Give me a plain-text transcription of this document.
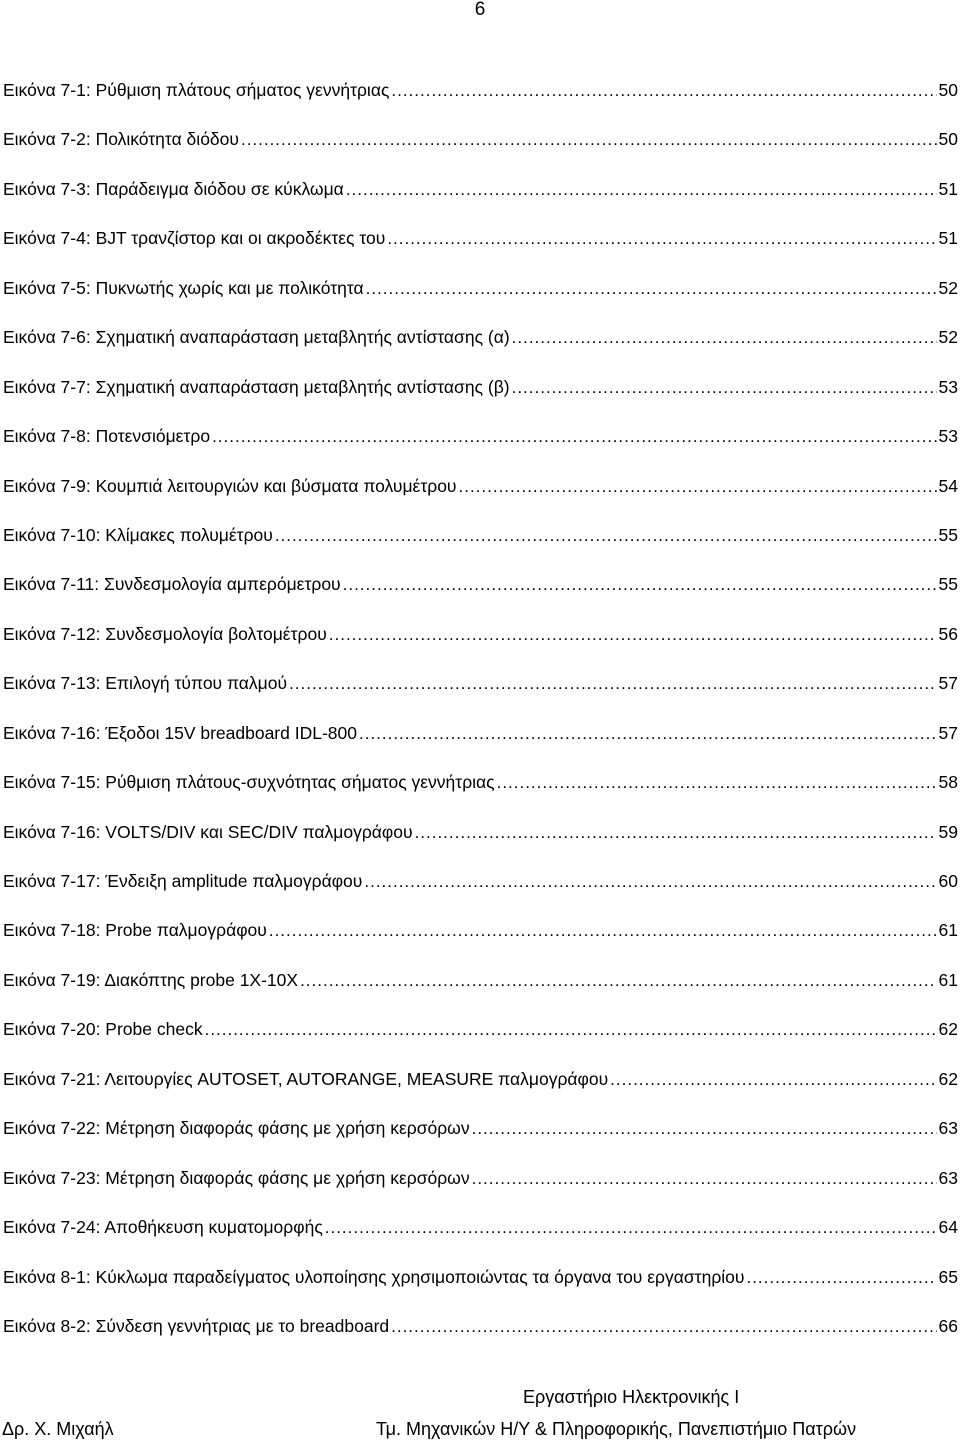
6
Εικόνα 7-1: Ρύθμιση πλάτους σήματος γεννήτριας .....	50
Εικόνα 7-2: Πολικότητα διόδου .....	50
Εικόνα 7-3: Παράδειγμα διόδου σε κύκλωμα .....	51
Εικόνα 7-4: BJT τρανζίστορ και οι ακροδέκτες του .....	51
Εικόνα 7-5: Πυκνωτής χωρίς και με πολικότητα .....	52
Εικόνα 7-6: Σχηματική αναπαράσταση μεταβλητής αντίστασης (α) .....	52
Εικόνα 7-7: Σχηματική αναπαράσταση μεταβλητής αντίστασης (β) .....	53
Εικόνα 7-8: Ποτενσιόμετρο .....	53
Εικόνα 7-9: Κουμπιά λειτουργιών και βύσματα πολυμέτρου .....	54
Εικόνα 7-10: Κλίμακες πολυμέτρου .....	55
Εικόνα 7-11: Συνδεσμολογία αμπερόμετρου .....	55
Εικόνα 7-12: Συνδεσμολογία βολτομέτρου .....	56
Εικόνα 7-13: Επιλογή τύπου παλμού .....	57
Εικόνα 7-16: Έξοδοι 15V breadboard IDL-800 .....	57
Εικόνα 7-15: Ρύθμιση πλάτους-συχνότητας σήματος γεννήτριας .....	58
Εικόνα 7-16: VOLTS/DIV και SEC/DIV παλμογράφου .....	59
Εικόνα 7-17: Ένδειξη amplitude παλμογράφου .....	60
Εικόνα 7-18: Probe παλμογράφου .....	61
Εικόνα 7-19: Διακόπτης probe 1X-10X .....	61
Εικόνα 7-20: Probe check .....	62
Εικόνα 7-21: Λειτουργίες AUTOSET, AUTORANGE, MEASURE παλμογράφου .....	62
Εικόνα 7-22: Μέτρηση διαφοράς φάσης με χρήση κερσόρων .....	63
Εικόνα 7-23: Μέτρηση διαφοράς φάσης με χρήση κερσόρων .....	63
Εικόνα 7-24: Αποθήκευση κυματομορφής .....	64
Εικόνα 8-1: Κύκλωμα παραδείγματος υλοποίησης χρησιμοποιώντας τα όργανα του εργαστηρίου .....	65
Εικόνα 8-2: Σύνδεση γεννήτριας με το breadboard .....	66
Εργαστήριο Ηλεκτρονικής Ι
Δρ. Χ. Μιχαήλ	Τμ. Μηχανικών Η/Υ & Πληροφορικής, Πανεπιστήμιο Πατρών
